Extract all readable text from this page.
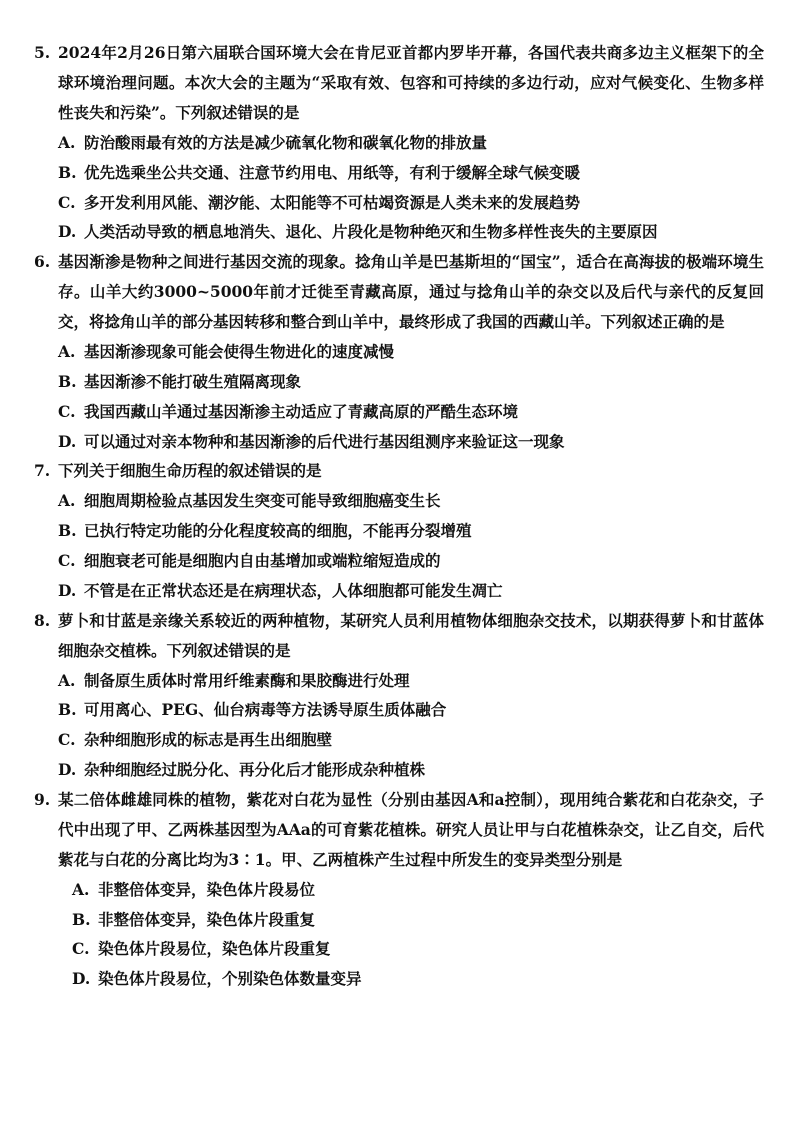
5. 2024年2月26日第六届联合国环境大会在肯尼亚首都内罗毕开幕，各国代表共商多边主义框架下的全球环境治理问题。本次大会的主题为“采取有效、包容和可持续的多边行动，应对气候变化、生物多样性丧失和污染”。下列叙述错误的是
A. 防治酸雨最有效的方法是减少硫氧化物和碳氧化物的排放量
B. 优先选乘坐公共交通、注意节约用电、用纸等，有利于缓解全球气候变暖
C. 多开发利用风能、潮汐能、太阳能等不可枯竭资源是人类未来的发展趋势
D. 人类活动导致的栖息地消失、退化、片段化是物种绝灭和生物多样性丧失的主要原因
6. 基因渐渗是物种之间进行基因交流的现象。捻角山羊是巴基斯坦的“国宝”，适合在高海拔的极端环境生存。山羊大约3000~5000年前才迁徙至青藏高原，通过与捻角山羊的杂交以及后代与亲代的反复回交，将捻角山羊的部分基因转移和整合到山羊中，最终形成了我国的西藏山羊。下列叙述正确的是
A. 基因渐渗现象可能会使得生物进化的速度减慢
B. 基因渐渗不能打破生殖隔离现象
C. 我国西藏山羊通过基因渐渗主动适应了青藏高原的严酷生态环境
D. 可以通过对亲本物种和基因渐渗的后代进行基因组测序来验证这一现象
7. 下列关于细胞生命历程的叙述错误的是
A. 细胞周期检验点基因发生突变可能导致细胞癌变生长
B. 已执行特定功能的分化程度较高的细胞，不能再分裂增殖
C. 细胞衰老可能是细胞内自由基增加或端粒缩短造成的
D. 不管是在正常状态还是在病理状态，人体细胞都可能发生凋亡
8. 萝卜和甘蓝是亲缘关系较近的两种植物，某研究人员利用植物体细胞杂交技术，以期获得萝卜和甘蓝体细胞杂交植株。下列叙述错误的是
A. 制备原生质体时常用纤维素酶和果胶酶进行处理
B. 可用离心、PEG、仙台病毒等方法诱导原生质体融合
C. 杂种细胞形成的标志是再生出细胞壁
D. 杂种细胞经过脱分化、再分化后才能形成杂种植株
9. 某二倍体雌雄同株的植物，紫花对白花为显性（分别由基因A和a控制），现用纯合紫花和白花杂交，子代中出现了甲、乙两株基因型为AAa的可育紫花植株。研究人员让甲与白花植株杂交，让乙自交，后代紫花与白花的分离比均为3∶1。甲、乙两植株产生过程中所发生的变异类型分别是
A. 非整倍体变异，染色体片段易位
B. 非整倍体变异，染色体片段重复
C. 染色体片段易位，染色体片段重复
D. 染色体片段易位，个别染色体数量变异
